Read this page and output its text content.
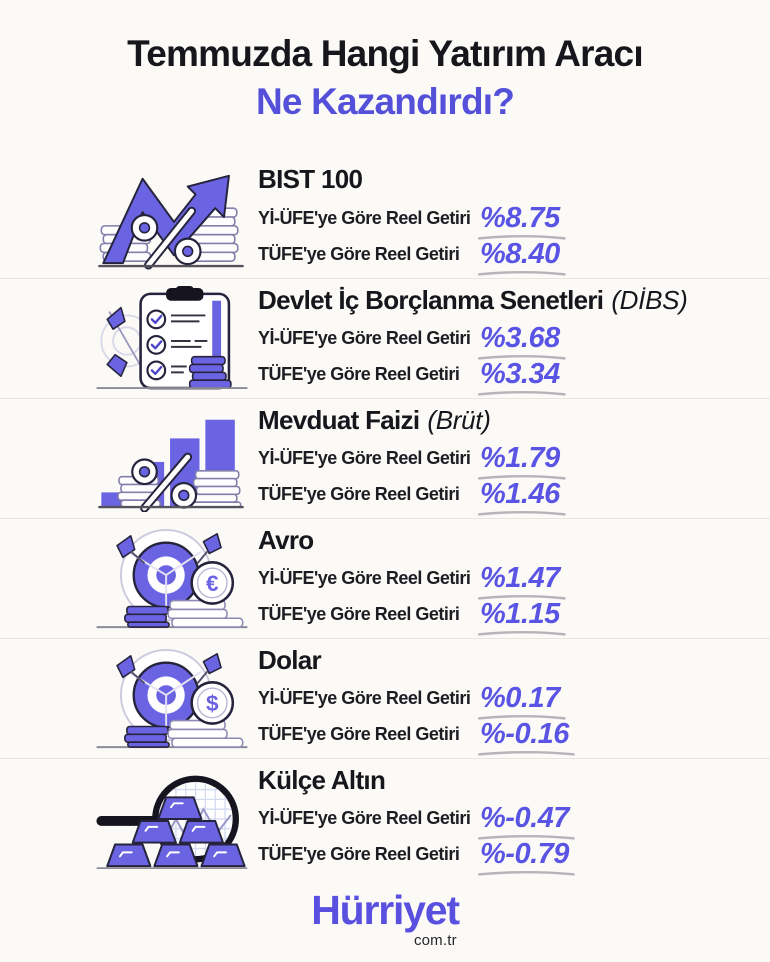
Temmuzda Hangi Yatırım Aracı
Ne Kazandırdı?
BIST 100
Yİ-ÜFE'ye Göre Reel Getiri %8.75
TÜFE'ye Göre Reel Getiri %8.40
Devlet İç Borçlanma Senetleri (DİBS)
Yİ-ÜFE'ye Göre Reel Getiri %3.68
TÜFE'ye Göre Reel Getiri %3.34
Mevduat Faizi (Brüt)
Yİ-ÜFE'ye Göre Reel Getiri %1.79
TÜFE'ye Göre Reel Getiri %1.46
€
Avro
Yİ-ÜFE'ye Göre Reel Getiri %1.47
TÜFE'ye Göre Reel Getiri %1.15
$
Dolar
Yİ-ÜFE'ye Göre Reel Getiri %0.17
TÜFE'ye Göre Reel Getiri %-0.16
Külçe Altın
Yİ-ÜFE'ye Göre Reel Getiri %-0.47
TÜFE'ye Göre Reel Getiri %-0.79
Hürriyet
com.tr
